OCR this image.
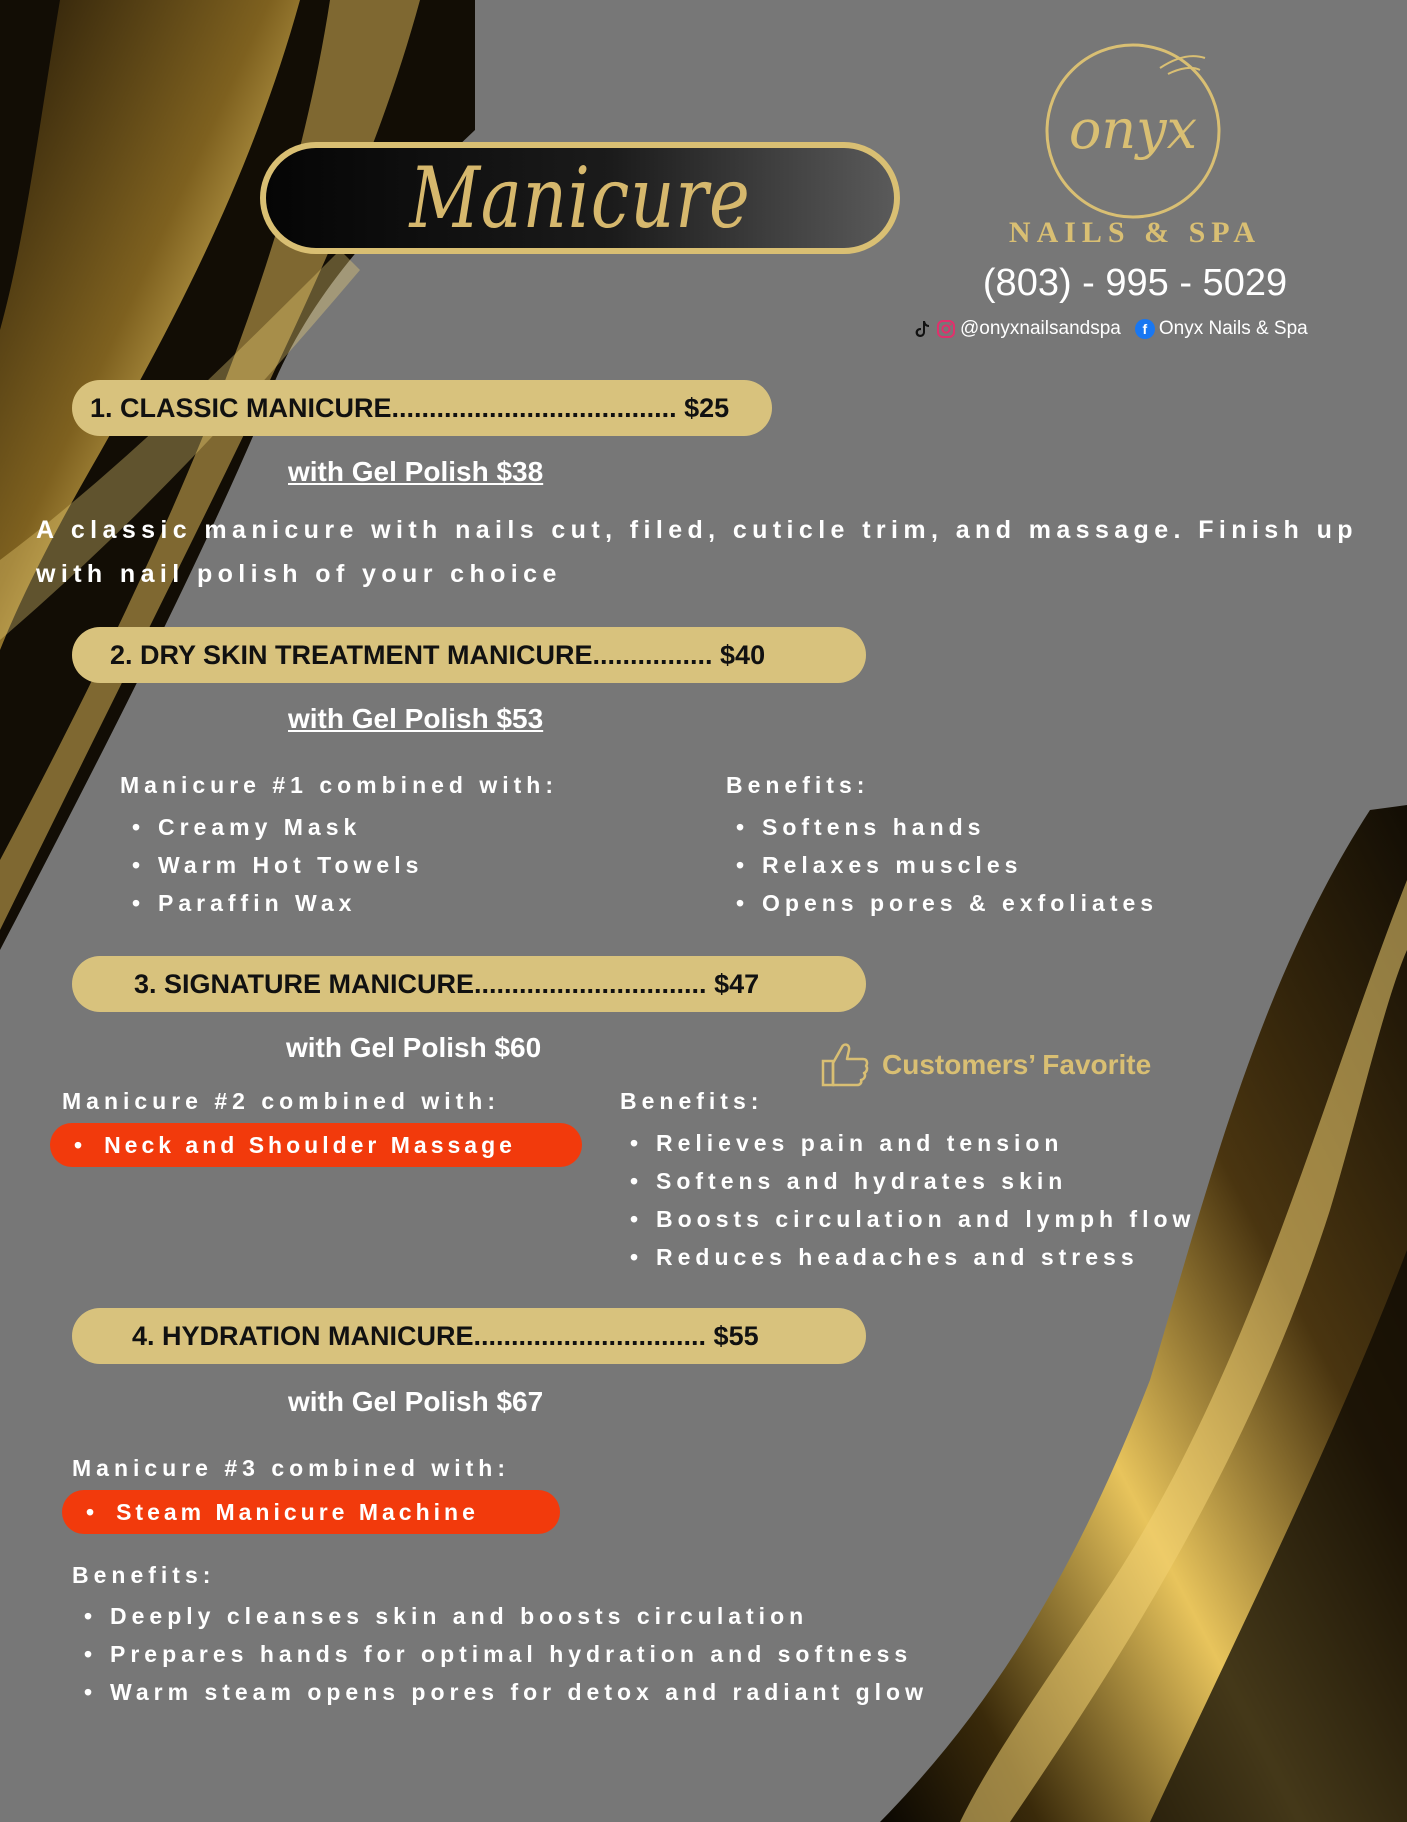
Manicure
onyx
NAILS & SPA
(803) - 995 - 5029
@onyxnailsandspa	f Onyx Nails & Spa
1. CLASSIC MANICURE...................................... $25
with Gel Polish $38
A classic manicure with nails cut, filed, cuticle trim, and massage. Finish up with nail polish of your choice
2. DRY SKIN TREATMENT MANICURE................ $40
with Gel Polish $53
Manicure #1 combined with:
• Creamy Mask
• Warm Hot Towels
• Paraffin Wax
Benefits:
• Softens hands
• Relaxes muscles
• Opens pores & exfoliates
3. SIGNATURE MANICURE............................... $47
with Gel Polish $60
Customers’ Favorite
Manicure #2 combined with:
• Neck and Shoulder Massage
Benefits:
• Relieves pain and tension
• Softens and hydrates skin
• Boosts circulation and lymph flow
• Reduces headaches and stress
4. HYDRATION MANICURE............................... $55
with Gel Polish $67
Manicure #3 combined with:
• Steam Manicure Machine
Benefits:
• Deeply cleanses skin and boosts circulation
• Prepares hands for optimal hydration and softness
• Warm steam opens pores for detox and radiant glow
